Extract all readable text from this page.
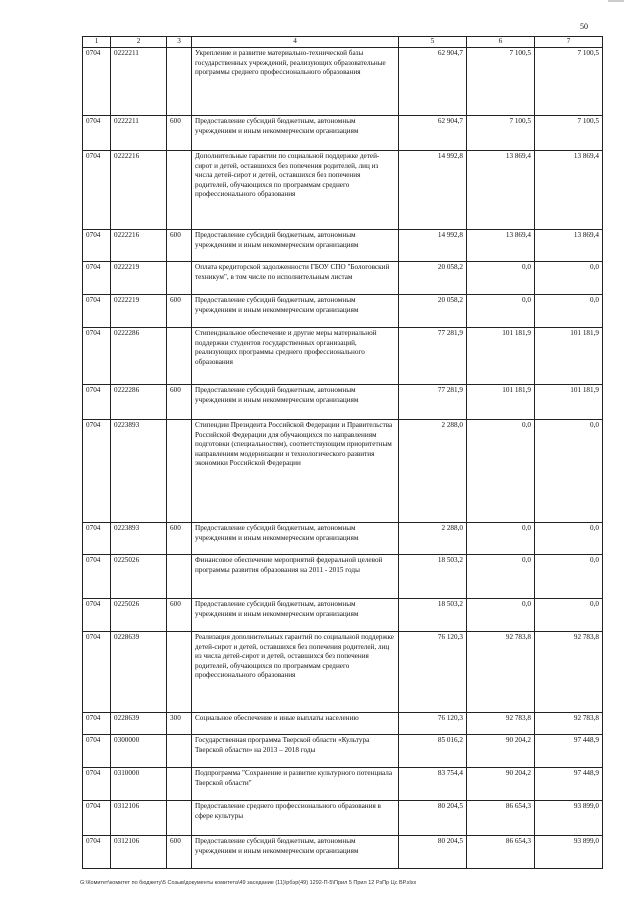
50
1	2	3	4	5	6	7
0704	0222211		Укрепление и развитие материально-технической базы государственных учреждений, реализующих образовательные программы среднего профессионального образования	62 904,7	7 100,5	7 100,5
0704	0222211	600	Предоставление субсидий бюджетным, автономным учреждениям и иным некоммерческим организациям	62 904,7	7 100,5	7 100,5
0704	0222216		Дополнительные гарантии по социальной поддержке детей-сирот и детей, оставшихся без попечения родителей, лиц из числа детей-сирот и детей, оставшихся без попечения родителей, обучающихся по программам среднего профессионального образования	14 992,8	13 869,4	13 869,4
0704	0222216	600	Предоставление субсидий бюджетным, автономным учреждениям и иным некоммерческим организациям	14 992,8	13 869,4	13 869,4
0704	0222219		Оплата кредиторской задолженности ГБОУ СПО "Бологовский техникум", в том числе по исполнительным листам	20 058,2	0,0	0,0
0704	0222219	600	Предоставление субсидий бюджетным, автономным учреждениям и иным некоммерческим организациям	20 058,2	0,0	0,0
0704	0222286		Стипендиальное обеспечение и другие меры материальной поддержки студентов государственных организаций, реализующих программы среднего профессионального образования	77 281,9	101 181,9	101 181,9
0704	0222286	600	Предоставление субсидий бюджетным, автономным учреждениям и иным некоммерческим организациям	77 281,9	101 181,9	101 181,9
0704	0223893		Стипендии Президента Российской Федерации и Правительства Российской Федерации для обучающихся по направлениям подготовки (специальностям), соответствующим приоритетным направлениям модернизации и технологического развития экономики Российской Федерации	2 288,0	0,0	0,0
0704	0223893	600	Предоставление субсидий бюджетным, автономным учреждениям и иным некоммерческим организациям	2 288,0	0,0	0,0
0704	0225026		Финансовое обеспечение мероприятий федеральной целевой программы развития образования на 2011 - 2015 годы	18 503,2	0,0	0,0
0704	0225026	600	Предоставление субсидий бюджетным, автономным учреждениям и иным некоммерческим организациям	18 503,2	0,0	0,0
0704	0228639		Реализация дополнительных гарантий по социальной поддержке детей-сирот и детей, оставшихся без попечения родителей, лиц из числа детей-сирот и детей, оставшихся без попечения родителей, обучающихся по программам среднего профессионального образования	76 120,3	92 783,8	92 783,8
0704	0228639	300	Социальное обеспечение и иные выплаты населению	76 120,3	92 783,8	92 783,8
0704	0300000		Государственная программа Тверской области «Культура Тверской области» на 2013 – 2018 годы	85 016,2	90 204,2	97 448,9
0704	0310000		Подпрограмма "Сохранение и развитие культурного потенциала Тверской области"	83 754,4	90 204,2	97 448,9
0704	0312106		Предоставление среднего профессионального образования в сфере культуры	80 204,5	86 654,3	93 899,0
0704	0312106	600	Предоставление субсидий бюджетным, автономным учреждениям и иным некоммерческим организациям	80 204,5	86 654,3	93 899,0
G:\Комитет\комитет по бюджету\5 Созыв\документы комитета\49 заседание (11)\рбэр(49) 1292-П-5\Прил 5 Прил 12 РзПр Цс ВР.xlsx
